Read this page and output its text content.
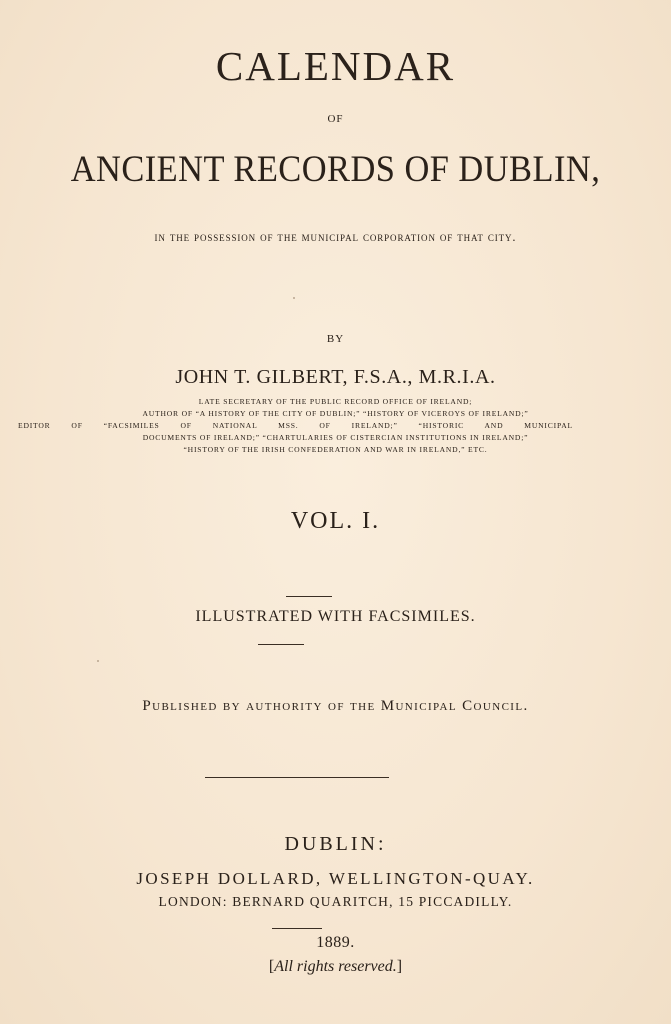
CALENDAR
OF
ANCIENT RECORDS OF DUBLIN,
in the possession of the municipal corporation of that city.
BY
JOHN T. GILBERT, F.S.A., M.R.I.A.
LATE SECRETARY OF THE PUBLIC RECORD OFFICE OF IRELAND;
AUTHOR OF “A HISTORY OF THE CITY OF DUBLIN;” “HISTORY OF VICEROYS OF IRELAND;”
EDITOR OF “FACSIMILES OF NATIONAL MSS. OF IRELAND;” “HISTORIC AND MUNICIPAL
DOCUMENTS OF IRELAND;” “CHARTULARIES OF CISTERCIAN INSTITUTIONS IN IRELAND;”
“HISTORY OF THE IRISH CONFEDERATION AND WAR IN IRELAND,” ETC.
VOL. I.
ILLUSTRATED WITH FACSIMILES.
Published by authority of the Municipal Council.
DUBLIN:
JOSEPH DOLLARD, WELLINGTON-QUAY.
LONDON: BERNARD QUARITCH, 15 PICCADILLY.
1889.
[All rights reserved.]
